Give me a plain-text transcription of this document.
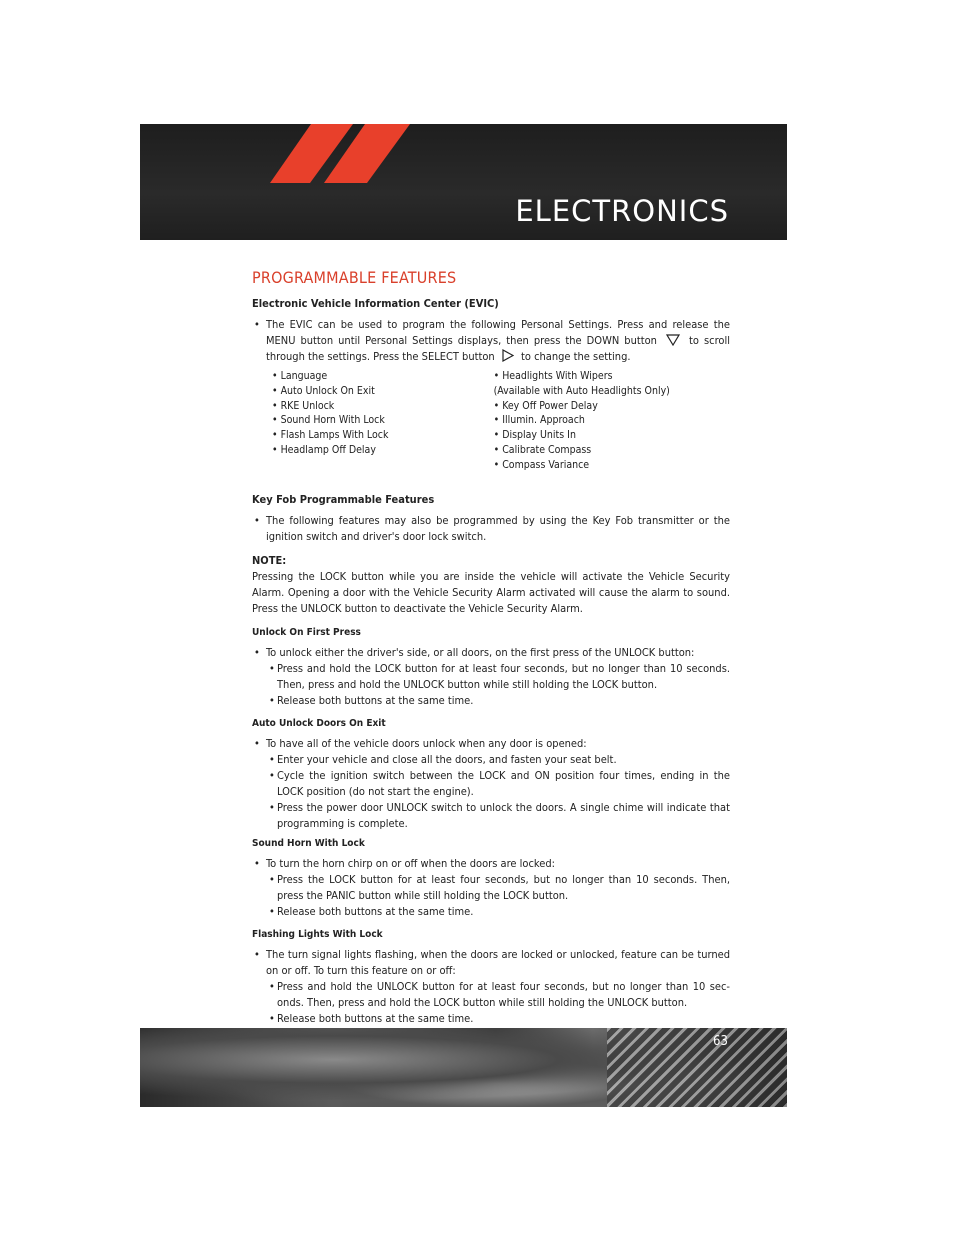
ELECTRONICS
PROGRAMMABLE FEATURES
Electronic Vehicle Information Center (EVIC)

• The EVIC can be used to program the following Personal Settings. Press and release the MENU button until Personal Settings displays, then press the DOWN button	to scroll through the settings. Press the SELECT button to change the setting.

• Language
• Auto Unlock On Exit
• RKE Unlock
• Sound Horn With Lock
• Flash Lamps With Lock
• Headlamp Off Delay
• Headlights With Wipers
(Available with Auto Headlights Only)
• Key Off Power Delay
• Illumin. Approach
• Display Units In
• Calibrate Compass
• Compass Variance
Key Fob Programmable Features

• The following features may also be programmed by using the Key Fob transmitter or the ignition switch and driver's door lock switch.

NOTE:

Pressing the LOCK button while you are inside the vehicle will activate the Vehicle Security Alarm. Opening a door with the Vehicle Security Alarm activated will cause the alarm to sound. Press the UNLOCK button to deactivate the Vehicle Security Alarm.

Unlock On First Press

• To unlock either the driver's side, or all doors, on the first press of the UNLOCK button:

• Press and hold the LOCK button for at least four seconds, but no longer than 10 seconds. Then, press and hold the UNLOCK button while still holding the LOCK button.

• Release both buttons at the same time.

Auto Unlock Doors On Exit

• To have all of the vehicle doors unlock when any door is opened:

• Enter your vehicle and close all the doors, and fasten your seat belt.

• Cycle the ignition switch between the LOCK and ON position four times, ending in the LOCK position (do not start the engine).

• Press the power door UNLOCK switch to unlock the doors. A single chime will indicate that programming is complete.

Sound Horn With Lock

• To turn the horn chirp on or off when the doors are locked:

• Press the LOCK button for at least four seconds, but no longer than 10 seconds. Then, press the PANIC button while still holding the LOCK button.

• Release both buttons at the same time.

Flashing Lights With Lock

• The turn signal lights flashing, when the doors are locked or unlocked, feature can be turned on or off. To turn this feature on or off:

• Press and hold the UNLOCK button for at least four seconds, but no longer than 10 sec-onds. Then, press and hold the LOCK button while still holding the UNLOCK button.

• Release both buttons at the same time.

63
